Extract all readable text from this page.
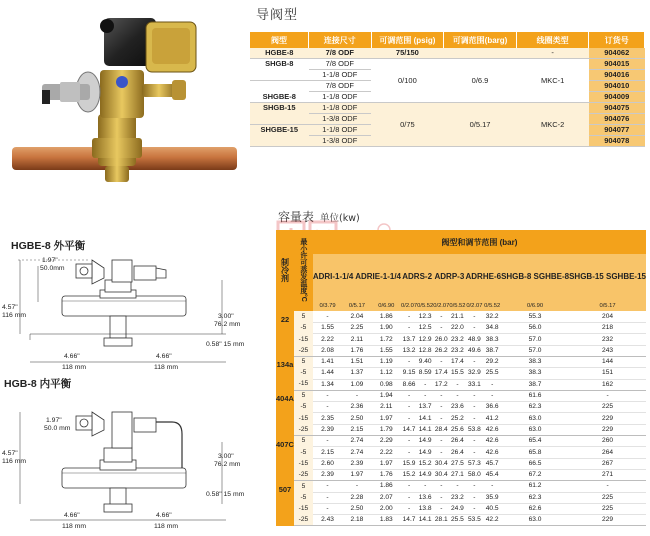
导阀型
阀型	连接尺寸	可调范围 (psig)	可调范围(barg)	线圈类型	订货号
HGBE-8	7/8 ODF	75/150		-	904062
SHGB-8	7/8 ODF	0/100	0/6.9	MKC-1	904015
	1-1/8 ODF				904016
SHGBE-8	7/8 ODF				904010
	1-1/8 ODF				904009
SHGB-15	1-1/8 ODF	0/75	0/5.17	MKC-2	904075
	1-3/8 ODF				904076
SHGBE-15	1-1/8 ODF				904077
	1-3/8 ODF				904078
容量表 单位(kw)
制冷剂	最小许可蒸发温度°C	阀型和调节范围 (bar)										
		ADRI-1-1/4 ADRIE-1-1/4			ADRS-2		ADRP-3		ADRHE-6		SHGB-8 SGHBE-8	SHGB-15 SGHBE-15
		0/3.79	0/5.17	0/6.90	0/2.07	0/5.52	0/2.07	0/5.52	0/2.07	0/5.52	0/6.90	0/5.17
22	5	-	2.04	1.86	-	12.3	-	21.1	-	32.2	55.3	204
	-5	1.55	2.25	1.90	-	12.5	-	22.0	-	34.8	56.0	218
	-15	2.22	2.11	1.72	13.7	12.9	26.0	23.2	48.9	38.3	57.0	232
	-25	2.08	1.76	1.55	13.2	12.8	26.2	23.2	49.6	38.7	57.0	243
134a	5	1.41	1.51	1.19	-	9.40	-	17.4	-	29.2	38.3	144
	-5	1.44	1.37	1.12	9.15	8.59	17.4	15.5	32.9	25.5	38.3	151
	-15	1.34	1.09	0.98	8.66	-	17.2	-	33.1	-	38.7	162
404A	5	-	-	1.94	-	-	-	-	-	-	61.6	-
	-5	-	2.36	2.11	-	13.7	-	23.6	-	36.6	62.3	225
	-15	2.35	2.50	1.97	-	14.1	-	25.2	-	41.2	63.0	229
	-25	2.39	2.15	1.79	14.7	14.1	28.4	25.6	53.8	42.6	63.0	229
407C	5	-	2.74	2.29	-	14.9	-	26.4	-	42.6	65.4	260
	-5	2.15	2.74	2.22	-	14.9	-	26.4	-	42.6	65.8	264
	-15	2.60	2.39	1.97	15.9	15.2	30.4	27.5	57.3	45.7	66.5	267
	-25	2.39	1.97	1.76	15.2	14.9	30.4	27.1	58.0	45.4	67.2	271
507	5	-	-	1.86	-	-	-	-	-	-	61.2	-
	-5	-	2.28	2.07	-	13.6	-	23.2	-	35.9	62.3	225
	-15	-	2.50	2.00	-	13.8	-	24.9	-	40.5	62.6	225
	-25	2.43	2.18	1.83	14.7	14.1	28.1	25.5	53.5	42.2	63.0	229
HGBE-8 外平衡
1.97"
50.0mm
4.57"
116 mm	3.00"
76.2 mm
0.58" 15 mm
4.66"
118 mm
4.66"
118 mm
HGB-8 内平衡
1.97"
50.0 mm
4.57"
116 mm
3.00"
76.2 mm
0.58" 15 mm
4.66"
118 mm
4.66"
118 mm
